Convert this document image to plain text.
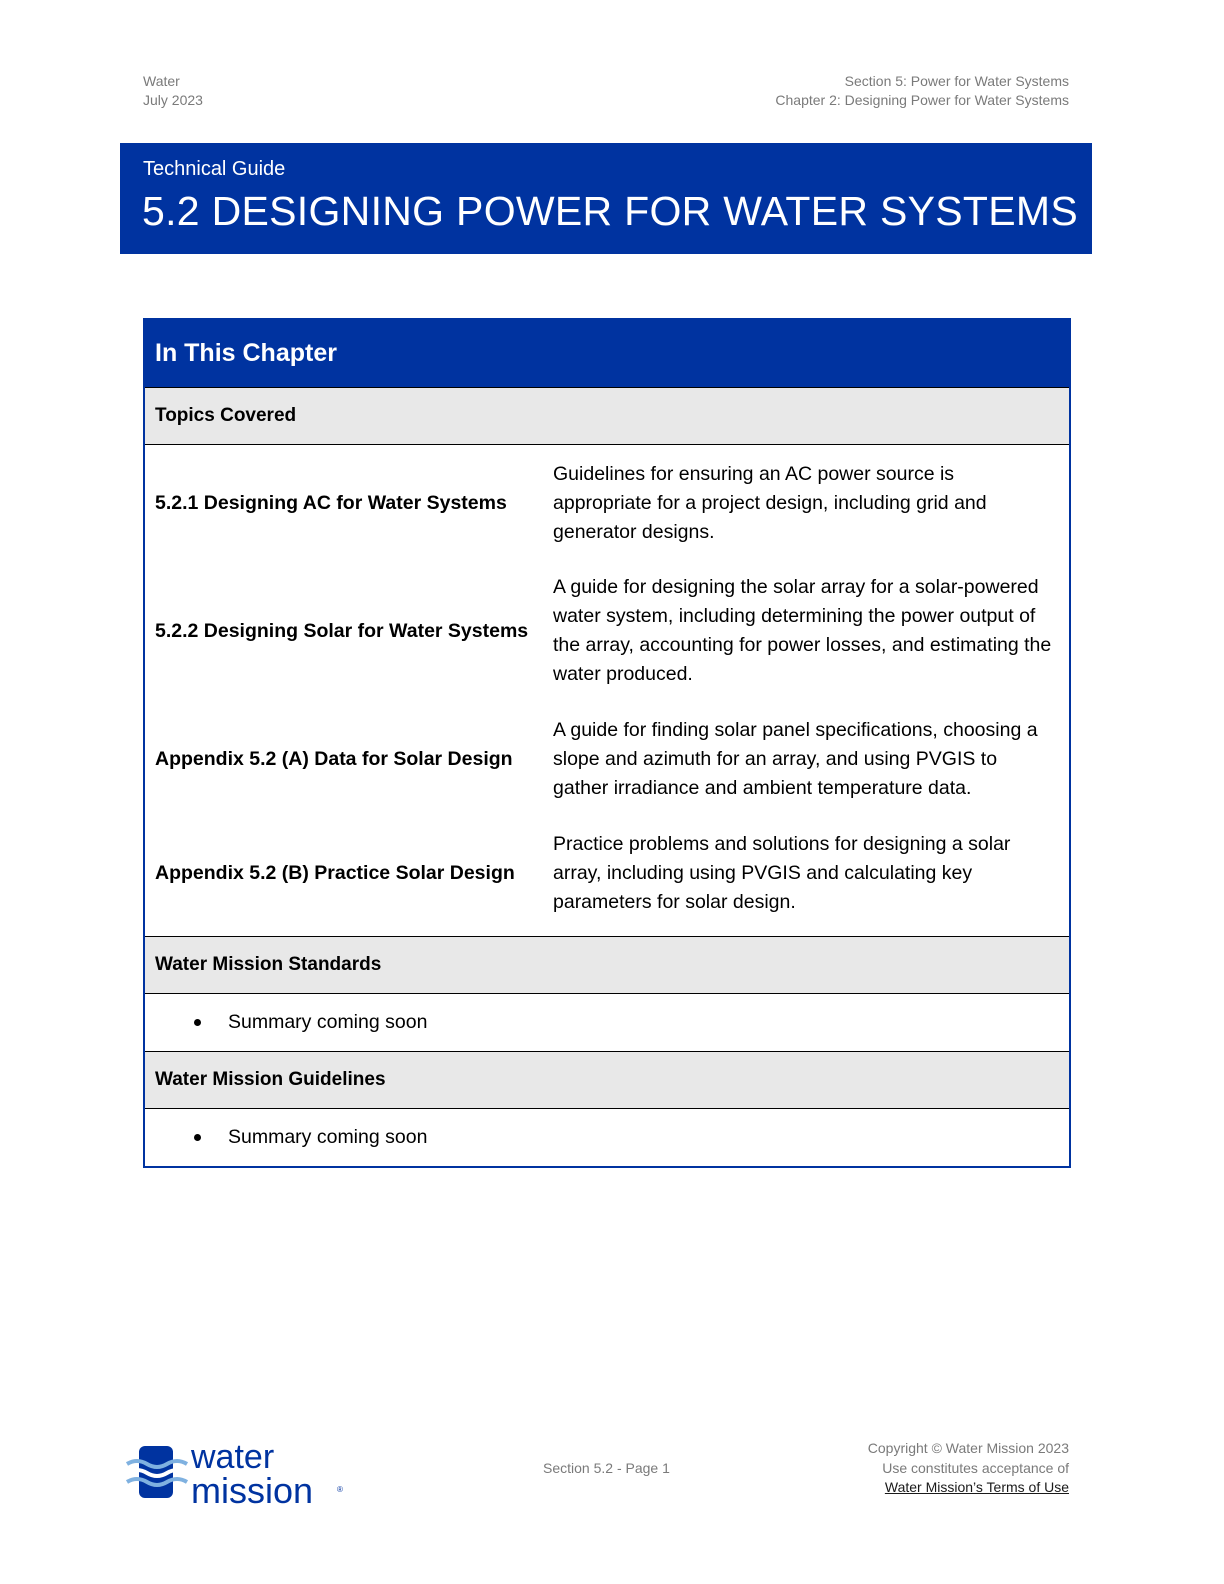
Water
July 2023
Section 5: Power for Water Systems
Chapter 2: Designing Power for Water Systems
Technical Guide
5.2 DESIGNING POWER FOR WATER SYSTEMS
In This Chapter
Topics Covered
5.2.1 Designing AC for Water Systems
Guidelines for ensuring an AC power source is appropriate for a project design, including grid and generator designs.
5.2.2 Designing Solar for Water Systems
A guide for designing the solar array for a solar-powered water system, including determining the power output of the array, accounting for power losses, and estimating the water produced.
Appendix 5.2 (A) Data for Solar Design
A guide for finding solar panel specifications, choosing a slope and azimuth for an array, and using PVGIS to gather irradiance and ambient temperature data.
Appendix 5.2 (B) Practice Solar Design
Practice problems and solutions for designing a solar array, including using PVGIS and calculating key parameters for solar design.
Water Mission Standards
Summary coming soon
Water Mission Guidelines
Summary coming soon
water
mission	®
Section 5.2 - Page 1
Copyright © Water Mission 2023
Use constitutes acceptance of
Water Mission’s Terms of Use
